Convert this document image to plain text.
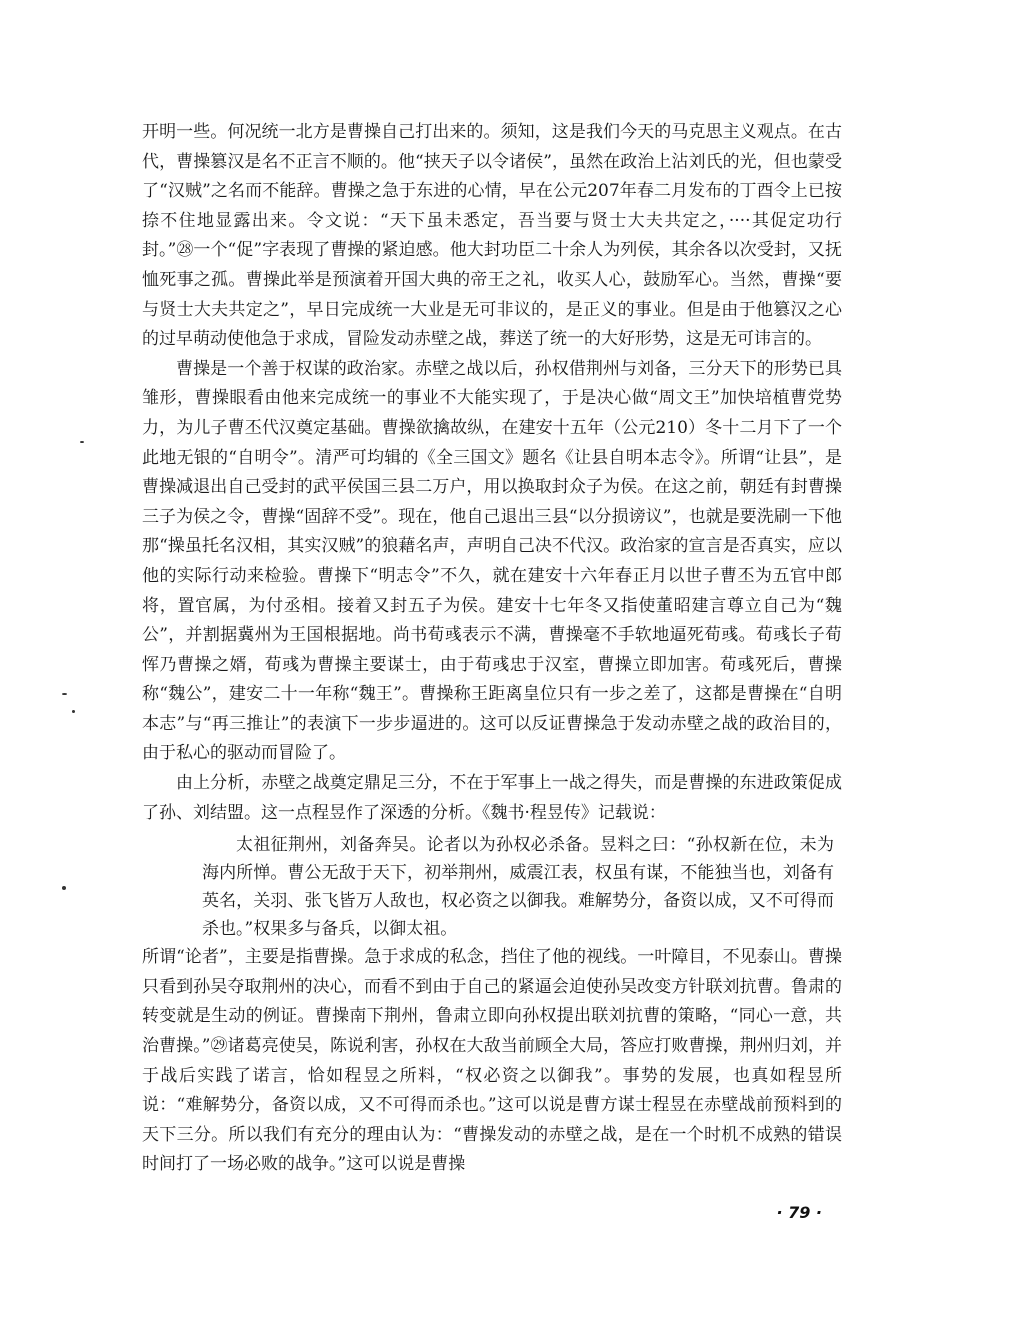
开明一些。何况统一北方是曹操自己打出来的。须知，这是我们今天的马克思主义观点。在古代，曹操篡汉是名不正言不顺的。他“挟天子以令诸侯”，虽然在政治上沾刘氏的光，但也蒙受了“汉贼”之名而不能辞。曹操之急于东进的心情，早在公元207年春二月发布的丁酉令上已按捺不住地显露出来。令文说：“天下虽未悉定，吾当要与贤士大夫共定之，····其促定功行封。”㉘一个“促”字表现了曹操的紧迫感。他大封功臣二十余人为列侯，其余各以次受封，又抚恤死事之孤。曹操此举是预演着开国大典的帝王之礼，收买人心，鼓励军心。当然，曹操“要与贤士大夫共定之”，早日完成统一大业是无可非议的，是正义的事业。但是由于他篡汉之心的过早萌动使他急于求成，冒险发动赤壁之战，葬送了统一的大好形势，这是无可讳言的。

曹操是一个善于权谋的政治家。赤壁之战以后，孙权借荆州与刘备，三分天下的形势已具雏形，曹操眼看由他来完成统一的事业不大能实现了，于是决心做“周文王”加快培植曹党势力，为儿子曹丕代汉奠定基础。曹操欲擒故纵，在建安十五年（公元210）冬十二月下了一个此地无银的“自明令”。清严可均辑的《全三国文》题名《让县自明本志令》。所谓“让县”，是曹操减退出自己受封的武平侯国三县二万户，用以换取封众子为侯。在这之前，朝廷有封曹操三子为侯之令，曹操“固辞不受”。现在，他自己退出三县“以分损谤议”，也就是要洗刷一下他那“操虽托名汉相，其实汉贼”的狼藉名声，声明自己决不代汉。政治家的宣言是否真实，应以他的实际行动来检验。曹操下“明志令”不久，就在建安十六年春正月以世子曹丕为五官中郎将，置官属，为付丞相。接着又封五子为侯。建安十七年冬又指使董昭建言尊立自己为“魏公”，并割据冀州为王国根据地。尚书荀彧表示不满，曹操毫不手软地逼死荀彧。荀彧长子荀恽乃曹操之婿，荀彧为曹操主要谋士，由于荀彧忠于汉室，曹操立即加害。荀彧死后，曹操称“魏公”，建安二十一年称“魏王”。曹操称王距离皇位只有一步之差了，这都是曹操在“自明本志”与“再三推让”的表演下一步步逼进的。这可以反证曹操急于发动赤壁之战的政治目的，由于私心的驱动而冒险了。

由上分析，赤壁之战奠定鼎足三分，不在于军事上一战之得失，而是曹操的东进政策促成了孙、刘结盟。这一点程昱作了深透的分析。《魏书·程昱传》记载说：

太祖征荆州，刘备奔吴。论者以为孙权必杀备。昱料之曰：“孙权新在位，未为海内所惮。曹公无敌于天下，初举荆州，威震江表，权虽有谋，不能独当也，刘备有英名，关羽、张飞皆万人敌也，权必资之以御我。难解势分，备资以成，又不可得而杀也。”权果多与备兵，以御太祖。

所谓“论者”，主要是指曹操。急于求成的私念，挡住了他的视线。一叶障目，不见泰山。曹操只看到孙吴夺取荆州的决心，而看不到由于自己的紧逼会迫使孙吴改变方针联刘抗曹。鲁肃的转变就是生动的例证。曹操南下荆州，鲁肃立即向孙权提出联刘抗曹的策略，“同心一意，共治曹操。”㉙诸葛亮使吴，陈说利害，孙权在大敌当前顾全大局，答应打败曹操，荆州归刘，并于战后实践了诺言，恰如程昱之所料，“权必资之以御我”。事势的发展，也真如程昱所说：“难解势分，备资以成，又不可得而杀也。”这可以说是曹方谋士程昱在赤壁战前预料到的天下三分。所以我们有充分的理由认为：“曹操发动的赤壁之战，是在一个时机不成熟的错误时间打了一场必败的战争。”这可以说是曹操

· 79 ·
